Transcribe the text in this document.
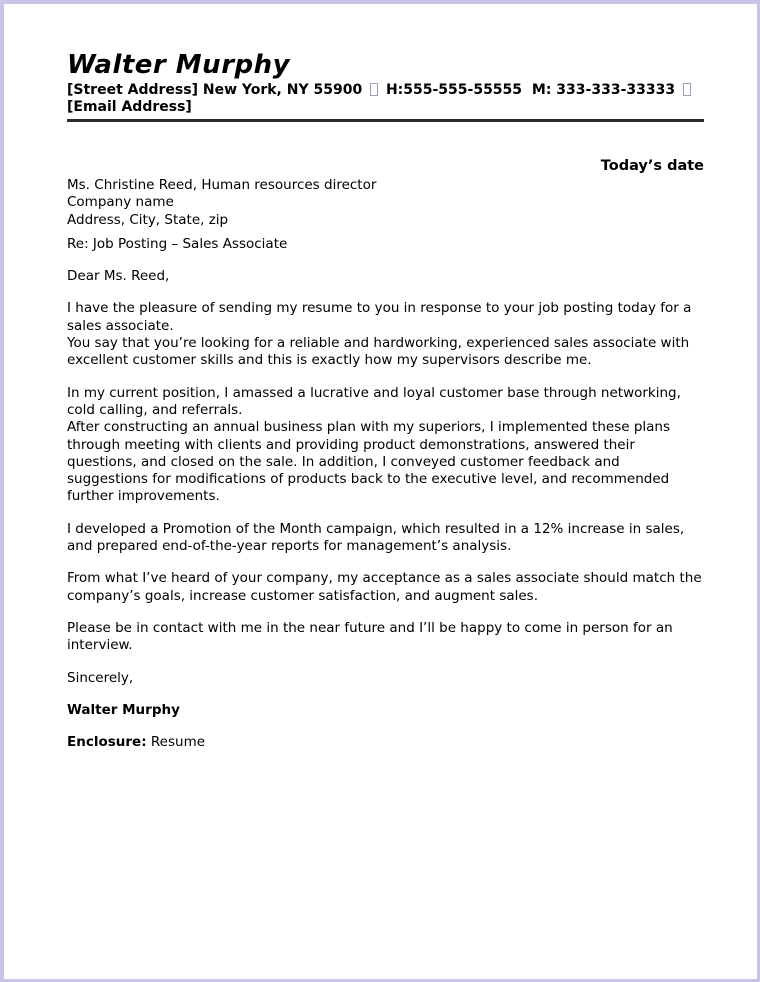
Walter Murphy

[Street Address] New York, NY 55900 H:555-555-55555 M: 333-333-33333 [Email Address]

Today’s date
Ms. Christine Reed, Human resources director
Company name
Address, City, State, zip
Re: Job Posting – Sales Associate
Dear Ms. Reed,
I have the pleasure of sending my resume to you in response to your job posting today for a sales associate.
You say that you’re looking for a reliable and hardworking, experienced sales associate with excellent customer skills and this is exactly how my supervisors describe me.
In my current position, I amassed a lucrative and loyal customer base through networking, cold calling, and referrals.
After constructing an annual business plan with my superiors, I implemented these plans through meeting with clients and providing product demonstrations, answered their questions, and closed on the sale. In addition, I conveyed customer feedback and suggestions for modifications of products back to the executive level, and recommended further improvements.
I developed a Promotion of the Month campaign, which resulted in a 12% increase in sales, and prepared end-of-the-year reports for management’s analysis.
From what I’ve heard of your company, my acceptance as a sales associate should match the company’s goals, increase customer satisfaction, and augment sales.
Please be in contact with me in the near future and I’ll be happy to come in person for an interview.
Sincerely,
Walter Murphy
Enclosure: Resume
